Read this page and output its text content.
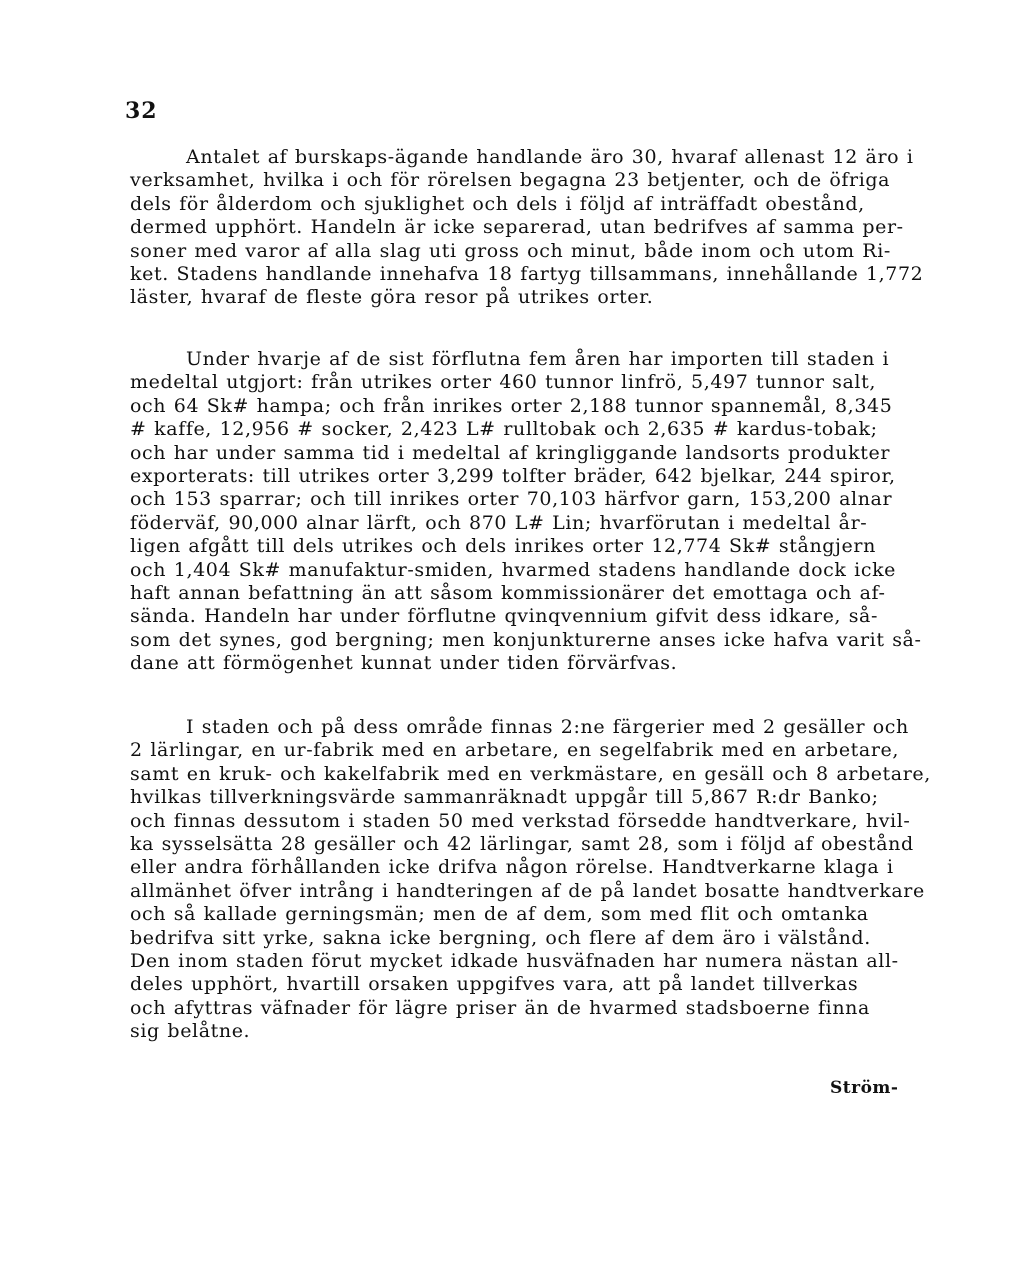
32
Antalet af burskaps-ägande handlande äro 30, hvaraf allenast 12 äro i
verksamhet, hvilka i och för rörelsen begagna 23 betjenter, och de öfriga
dels för ålderdom och sjuklighet och dels i följd af inträffadt obestånd,
dermed upphört. Handeln är icke separerad, utan bedrifves af samma per-
soner med varor af alla slag uti gross och minut, både inom och utom Ri-
ket. Stadens handlande innehafva 18 fartyg tillsammans, innehållande 1,772
läster, hvaraf de fleste göra resor på utrikes orter.
Under hvarje af de sist förflutna fem åren har importen till staden i
medeltal utgjort: från utrikes orter 460 tunnor linfrö, 5,497 tunnor salt,
och 64 Sk# hampa; och från inrikes orter 2,188 tunnor spannemål, 8,345
# kaffe, 12,956 # socker, 2,423 L# rulltobak och 2,635 # kardus-tobak;
och har under samma tid i medeltal af kringliggande landsorts produkter
exporterats: till utrikes orter 3,299 tolfter bräder, 642 bjelkar, 244 spiror,
och 153 sparrar; och till inrikes orter 70,103 härfvor garn, 153,200 alnar
föderväf, 90,000 alnar lärft, och 870 L# Lin; hvarförutan i medeltal år-
ligen afgått till dels utrikes och dels inrikes orter 12,774 Sk# stångjern
och 1,404 Sk# manufaktur-smiden, hvarmed stadens handlande dock icke
haft annan befattning än att såsom kommissionärer det emottaga och af-
sända. Handeln har under förflutne qvinqvennium gifvit dess idkare, så-
som det synes, god bergning; men konjunkturerne anses icke hafva varit så-
dane att förmögenhet kunnat under tiden förvärfvas.
I staden och på dess område finnas 2:ne färgerier med 2 gesäller och
2 lärlingar, en ur-fabrik med en arbetare, en segelfabrik med en arbetare,
samt en kruk- och kakelfabrik med en verkmästare, en gesäll och 8 arbetare,
hvilkas tillverkningsvärde sammanräknadt uppgår till 5,867 R:dr Banko;
och finnas dessutom i staden 50 med verkstad försedde handtverkare, hvil-
ka sysselsätta 28 gesäller och 42 lärlingar, samt 28, som i följd af obestånd
eller andra förhållanden icke drifva någon rörelse. Handtverkarne klaga i
allmänhet öfver intrång i handteringen af de på landet bosatte handtverkare
och så kallade gerningsmän; men de af dem, som med flit och omtanka
bedrifva sitt yrke, sakna icke bergning, och flere af dem äro i välstånd.
Den inom staden förut mycket idkade husväfnaden har numera nästan all-
deles upphört, hvartill orsaken uppgifves vara, att på landet tillverkas
och afyttras väfnader för lägre priser än de hvarmed stadsboerne finna
sig belåtne.
Ström-
